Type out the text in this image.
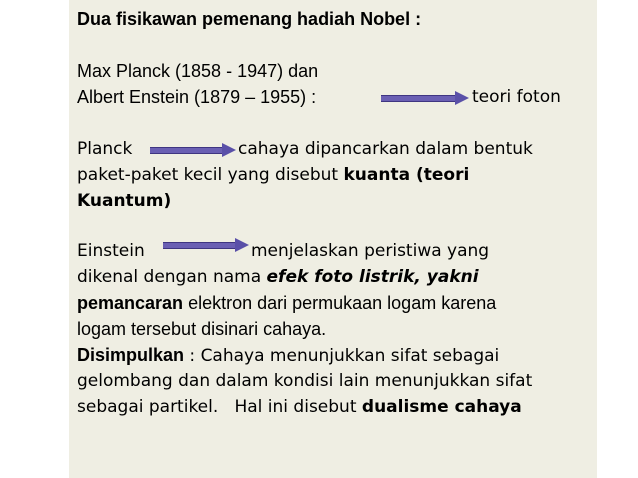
Dua fisikawan pemenang hadiah Nobel :
Max Planck (1858 - 1947) dan
Albert Enstein (1879 – 1955) :	teori foton
Planck	cahaya dipancarkan dalam bentuk
paket-paket kecil yang disebut kuanta (teori
Kuantum)
Einstein	menjelaskan peristiwa yang
dikenal dengan nama efek foto listrik, yakni
pemancaran elektron dari permukaan logam karena
logam tersebut disinari cahaya.
Disimpulkan : Cahaya menunjukkan sifat sebagai
gelombang dan dalam kondisi lain menunjukkan sifat
sebagai partikel.   Hal ini disebut dualisme cahaya
